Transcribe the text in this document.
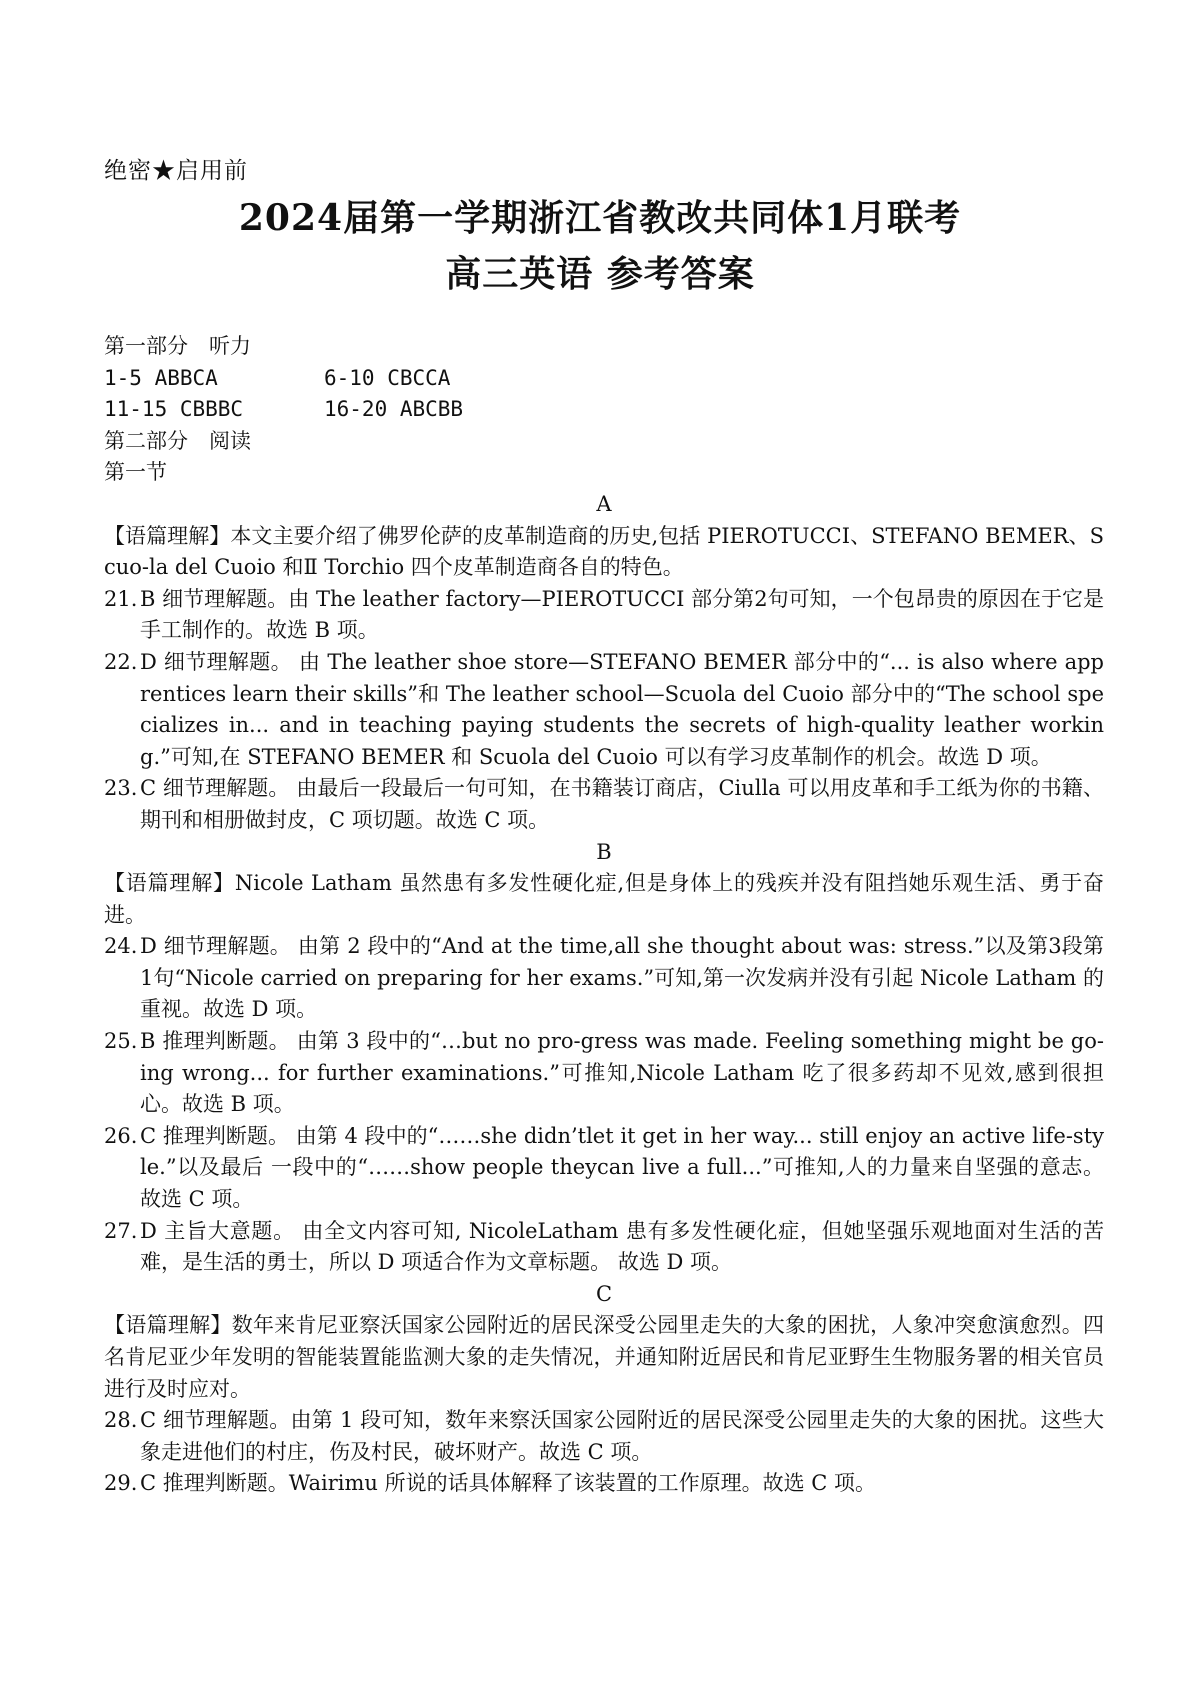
绝密★启用前
2024届第一学期浙江省教改共同体1月联考
高三英语 参考答案
第一部分　听力
1-5 ABBCA	6-10 CBCCA
11-15 CBBBC	16-20 ABCBB
第二部分　阅读
第一节
A
【语篇理解】本文主要介绍了佛罗伦萨的皮革制造商的历史,包括 PIEROTUCCI、STEFANO BEMER、Scuo-la del Cuoio 和Ⅱ Torchio 四个皮革制造商各自的特色。
21. B 细节理解题。由 The leather factory—PIEROTUCCI 部分第2句可知，一个包昂贵的原因在于它是手工制作的。故选 B 项。
22. D 细节理解题。 由 The leather shoe store—STEFANO BEMER 部分中的“... is also where apprentices learn their skills”和 The leather school—Scuola del Cuoio 部分中的“The school specializes in... and in teaching paying students the secrets of high-quality leather working.”可知,在 STEFANO BEMER 和 Scuola del Cuoio 可以有学习皮革制作的机会。故选 D 项。
23. C 细节理解题。 由最后一段最后一句可知，在书籍装订商店，Ciulla 可以用皮革和手工纸为你的书籍、期刊和相册做封皮，C 项切题。故选 C 项。
B
【语篇理解】Nicole Latham 虽然患有多发性硬化症,但是身体上的残疾并没有阻挡她乐观生活、勇于奋进。
24. D 细节理解题。 由第 2 段中的“And at the time,all she thought about was: stress.”以及第3段第1句“Nicole carried on preparing for her exams.”可知,第一次发病并没有引起 Nicole Latham 的重视。故选 D 项。
25. B 推理判断题。 由第 3 段中的“…but no pro-gress was made. Feeling something might be go-ing wrong... for further examinations.”可推知,Nicole Latham 吃了很多药却不见效,感到很担心。故选 B 项。
26. C 推理判断题。 由第 4 段中的“……she didn’tlet it get in her way... still enjoy an active life-style.”以及最后 一段中的“……show people theycan live a full...”可推知,人的力量来自坚强的意志。 故选 C 项。
27. D 主旨大意题。 由全文内容可知, NicoleLatham 患有多发性硬化症，但她坚强乐观地面对生活的苦难，是生活的勇士，所以 D 项适合作为文章标题。 故选 D 项。
C
【语篇理解】数年来肯尼亚察沃国家公园附近的居民深受公园里走失的大象的困扰，人象冲突愈演愈烈。四名肯尼亚少年发明的智能装置能监测大象的走失情况，并通知附近居民和肯尼亚野生生物服务署的相关官员进行及时应对。
28. C 细节理解题。由第 1 段可知，数年来察沃国家公园附近的居民深受公园里走失的大象的困扰。这些大象走进他们的村庄，伤及村民，破坏财产。故选 C 项。
29. C 推理判断题。Wairimu 所说的话具体解释了该装置的工作原理。故选 C 项。
